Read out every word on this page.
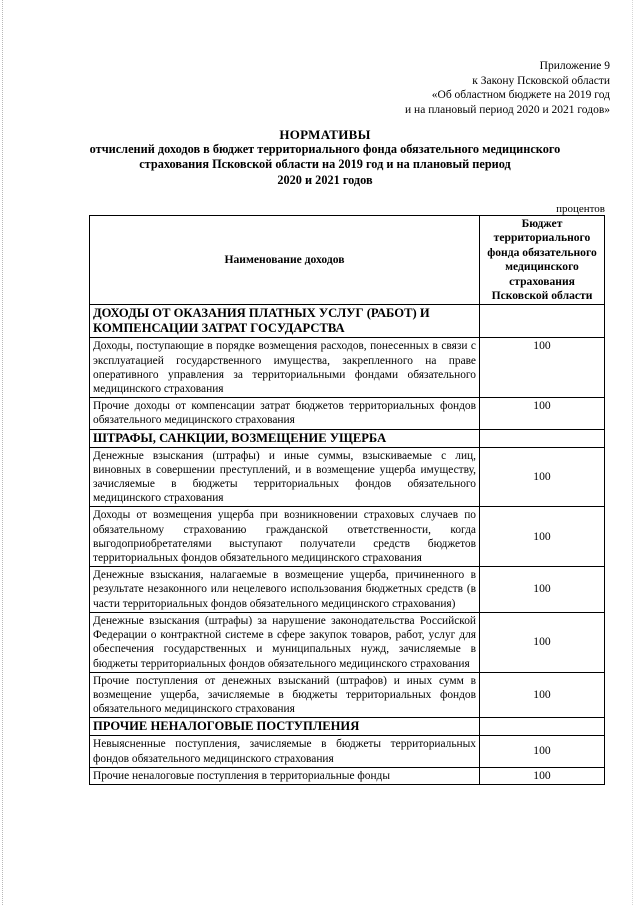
Приложение 9
к Закону Псковской области
«Об областном бюджете на 2019 год
и на плановый период 2020 и 2021 годов»
НОРМАТИВЫ
отчислений доходов в бюджет территориального фонда обязательного медицинского
страхования Псковской области на 2019 год и на плановый период
2020 и 2021 годов
процентов
Наименование доходов	Бюджет территориального фонда обязательного медицинского страхования Псковской области
ДОХОДЫ ОТ ОКАЗАНИЯ ПЛАТНЫХ УСЛУГ (РАБОТ) И КОМПЕНСАЦИИ ЗАТРАТ ГОСУДАРСТВА	
Доходы, поступающие в порядке возмещения расходов, понесенных в связи с эксплуатацией государственного имущества, закрепленного на праве оперативного управления за территориальными фондами обязательного медицинского страхования	100
Прочие доходы от компенсации затрат бюджетов территориальных фондов обязательного медицинского страхования	100
ШТРАФЫ, САНКЦИИ, ВОЗМЕЩЕНИЕ УЩЕРБА	
Денежные взыскания (штрафы) и иные суммы, взыскиваемые с лиц, виновных в совершении преступлений, и в возмещение ущерба имуществу, зачисляемые в бюджеты территориальных фондов обязательного медицинского страхования	100
Доходы от возмещения ущерба при возникновении страховых случаев по обязательному страхованию гражданской ответственности, когда выгодоприобретателями выступают получатели средств бюджетов территориальных фондов обязательного медицинского страхования	100
Денежные взыскания, налагаемые в возмещение ущерба, причиненного в результате незаконного или нецелевого использования бюджетных средств (в части территориальных фондов обязательного медицинского страхования)	100
Денежные взыскания (штрафы) за нарушение законодательства Российской Федерации о контрактной системе в сфере закупок товаров, работ, услуг для обеспечения государственных и муниципальных нужд, зачисляемые в бюджеты территориальных фондов обязательного медицинского страхования	100
Прочие поступления от денежных взысканий (штрафов) и иных сумм в возмещение ущерба, зачисляемые в бюджеты территориальных фондов обязательного медицинского страхования	100
ПРОЧИЕ НЕНАЛОГОВЫЕ ПОСТУПЛЕНИЯ	
Невыясненные поступления, зачисляемые в бюджеты территориальных фондов обязательного медицинского страхования	100
Прочие неналоговые поступления в территориальные фонды	100
